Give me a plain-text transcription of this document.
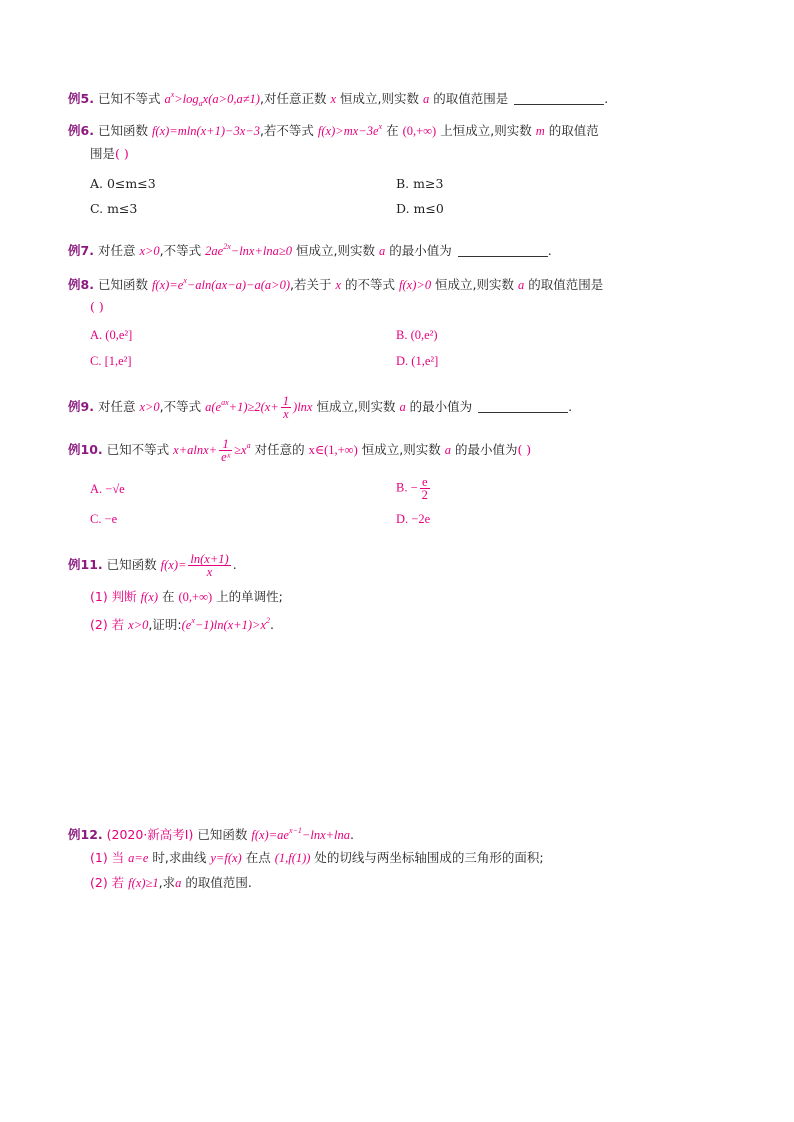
例5. 已知不等式 $a^x>\log_ax(a>0,a\ne 1)$,对任意正数 x 恒成立,则实数 a 的取值范围是	.
例6. 已知函数 f(x)=mln(x+1)−3x−3,若不等式 $f(x)>mx-3e^x$ 在 (0,+∞) 上恒成立,则实数 m 的取值范
围是( )
A. 0≤m≤3	B. m≥3
C. m≤3	D. m≤0
例7. 对任意 x>0,不等式 $2ae^{2x}-\ln x+\ln a\ge 0$ 恒成立,则实数 a 的最小值为	.
例8. 已知函数 $f(x)=e^x-aln(ax-a)-a(a>0)$,若关于 x 的不等式 f(x)>0 恒成立,则实数 a 的取值范围是
( )
A. (0,e²]	B. (0,e²)
C. [1,e²]	D. (1,e²]
例9. 对任意 x>0,不等式 $a(e^{ax}+1)\ge 2(x+ \frac{1}{x} )\ln x$ 恒成立,则实数 a 的最小值为	.
例10. 已知不等式 $x+alnx+ \frac{1}{\text{eˣ}} \ge x^a$ 对任意的 x∈(1,+∞) 恒成立,则实数 a 的最小值为( )
A. −√e	B. − $\frac{e}{2}$
C. −e	D. −2e
例11. 已知函数 $f(x)= \frac{\ln(x+1)}{x}$ .
(1) 判断 f(x) 在 (0,+∞) 上的单调性;
(2) 若 x>0,证明$:(e^x-1)\ln(x+1)>x^2$.
例12. (2020·新高考Ⅰ) 已知函数 $f(x)=ae^{x-1}-\ln x+\ln a$.
(1) 当 a=e 时,求曲线 y=f(x) 在点 (1,f(1)) 处的切线与两坐标轴围成的三角形的面积;
(2) 若 f(x)≥1,求a 的取值范围.
